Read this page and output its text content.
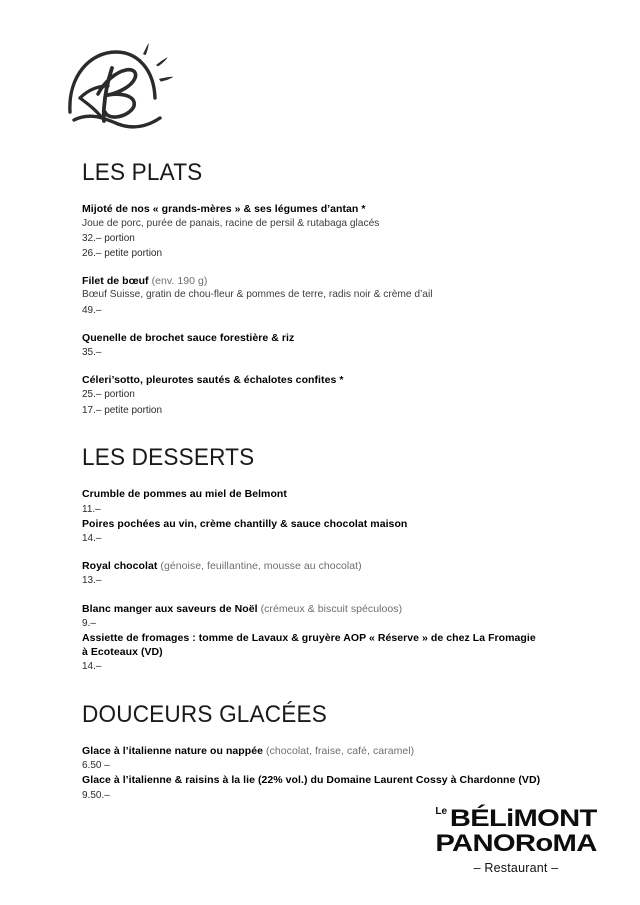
LES PLATS

Mijoté de nos « grands-mères » & ses légumes d’antan *

Joue de porc, purée de panais, racine de persil & rutabaga glacés

32.– portion

26.– petite portion

Filet de bœuf (env. 190 g)

Bœuf Suisse, gratin de chou-fleur & pommes de terre, radis noir & crème d’ail

49.–

Quenelle de brochet sauce forestière & riz

35.–

Céleri’sotto, pleurotes sautés & échalotes confites *

25.– portion

17.– petite portion

LES DESSERTS

Crumble de pommes au miel de Belmont

11.–

Poires pochées au vin, crème chantilly & sauce chocolat maison

14.–

Royal chocolat (génoise, feuillantine, mousse au chocolat)

13.–

Blanc manger aux saveurs de Noël (crémeux & biscuit spéculoos)

9.–

Assiette de fromages : tomme de Lavaux & gruyère AOP « Réserve » de chez La Fromagie à Ecoteaux (VD)

14.–

DOUCEURS GLACÉES

Glace à l’italienne nature ou nappée (chocolat, fraise, café, caramel)

6.50 –

Glace à l’italienne & raisins à la lie (22% vol.) du Domaine Laurent Cossy à Chardonne (VD)

9.50.–

Le BÉLiMONT
PANORoMA

– Restaurant –
